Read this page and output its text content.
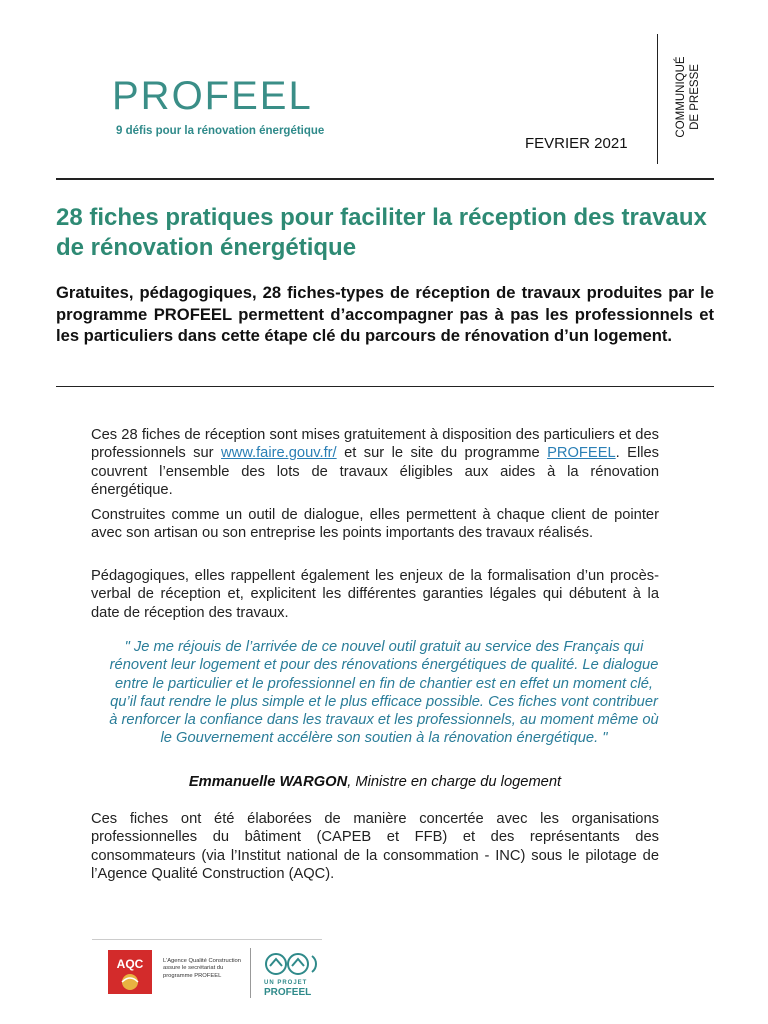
PROFEEL
9 défis pour la rénovation énergétique
FEVRIER 2021
COMMUNIQUÉ DE PRESSE
28 fiches pratiques pour faciliter la réception des travaux de rénovation énergétique

Gratuites, pédagogiques, 28 fiches-types de réception de travaux produites par le programme PROFEEL permettent d’accompagner pas à pas les professionnels et les particuliers dans cette étape clé du parcours de rénovation d’un logement.

Ces 28 fiches de réception sont mises gratuitement à disposition des particuliers et des professionnels sur www.faire.gouv.fr/ et sur le site du programme PROFEEL. Elles couvrent l’ensemble des lots de travaux éligibles aux aides à la rénovation énergétique.

Construites comme un outil de dialogue, elles permettent à chaque client de pointer avec son artisan ou son entreprise les points importants des travaux réalisés.

Pédagogiques, elles rappellent également les enjeux de la formalisation d’un procès-verbal de réception et, explicitent les différentes garanties légales qui débutent à la date de réception des travaux.

" Je me réjouis de l’arrivée de ce nouvel outil gratuit au service des Français qui rénovent leur logement et pour des rénovations énergétiques de qualité. Le dialogue entre le particulier et le professionnel en fin de chantier est en effet un moment clé, qu’il faut rendre le plus simple et le plus efficace possible. Ces fiches vont contribuer à renforcer la confiance dans les travaux et les professionnels, au moment même où le Gouvernement accélère son soutien à la rénovation énergétique. "

Emmanuelle WARGON, Ministre en charge du logement

Ces fiches ont été élaborées de manière concertée avec les organisations professionnelles du bâtiment (CAPEB et FFB) et des représentants des consommateurs (via l’Institut national de la consommation - INC) sous le pilotage de l’Agence Qualité Construction (AQC).

AQC	L’Agence Qualité Construction assure le secrétariat du programme PROFEEL
UN PROJET
PROFEEL
